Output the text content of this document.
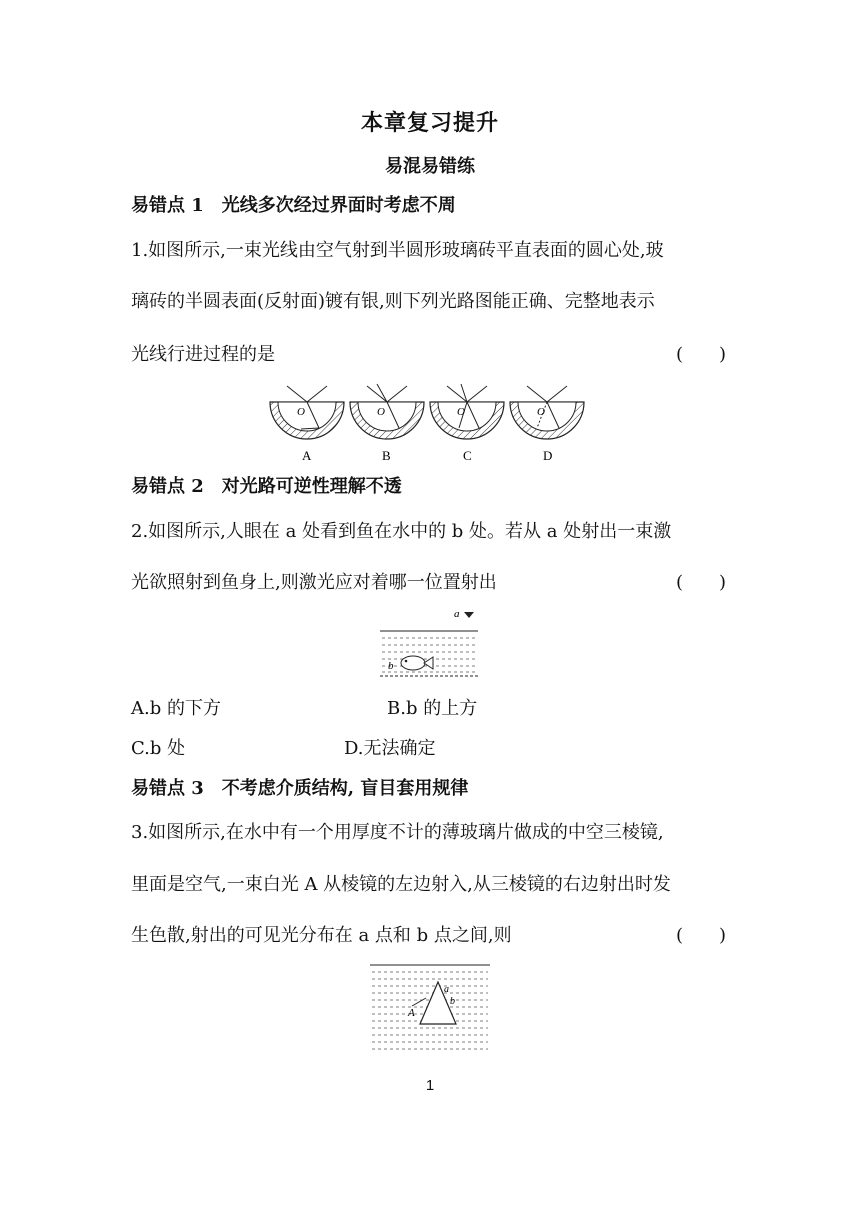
本章复习提升
易混易错练
易错点 1　光线多次经过界面时考虑不周
1.如图所示,一束光线由空气射到半圆形玻璃砖平直表面的圆心处,玻
璃砖的半圆表面(反射面)镀有银,则下列光路图能正确、完整地表示
光线行进过程的是	(　　)
O	O	O	O
A	B	C	D
易错点 2　对光路可逆性理解不透
2.如图所示,人眼在 a 处看到鱼在水中的 b 处。若从 a 处射出一束激
光欲照射到鱼身上,则激光应对着哪一位置射出	(　　)
a
b
A.b 的下方	B.b 的上方
C.b 处	D.无法确定
易错点 3　不考虑介质结构, 盲目套用规律
3.如图所示,在水中有一个用厚度不计的薄玻璃片做成的中空三棱镜,
里面是空气,一束白光 A 从棱镜的左边射入,从三棱镜的右边射出时发
生色散,射出的可见光分布在 a 点和 b 点之间,则	(　　)
A
a
b
1
